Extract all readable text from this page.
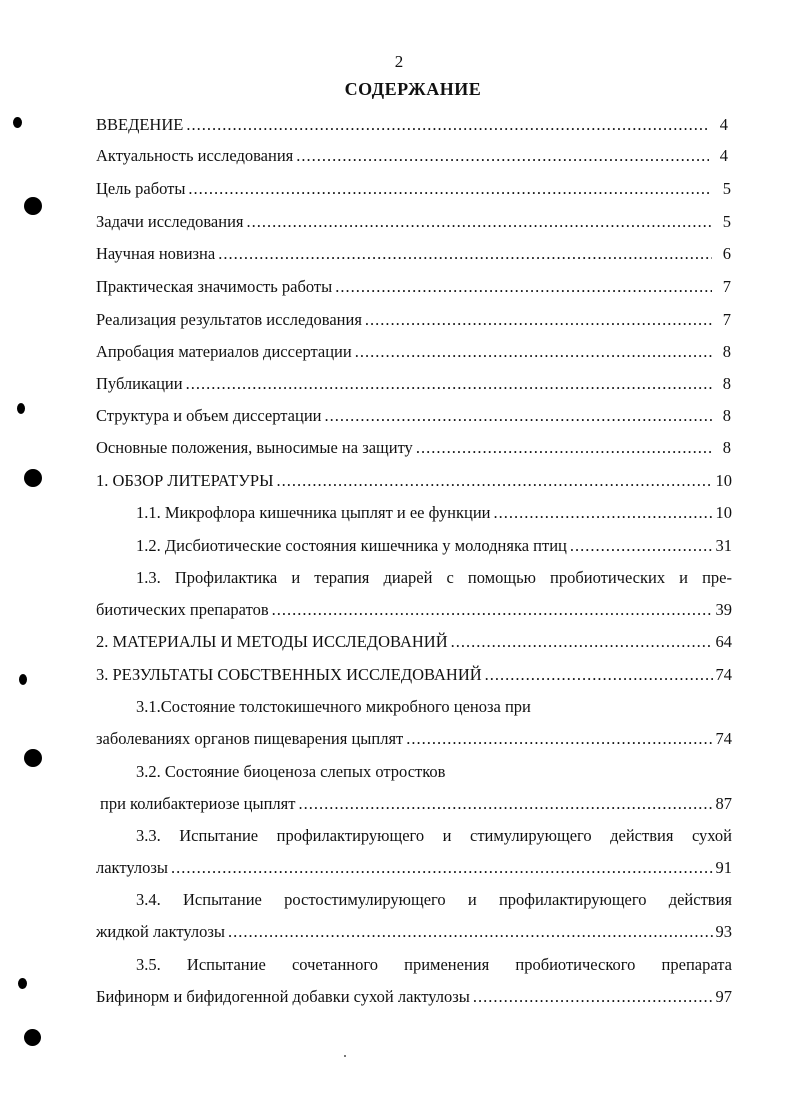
2
СОДЕРЖАНИЕ
ВВЕДЕНИЕ .....	4
Актуальность исследования .....	4
Цель работы .....	5
Задачи исследования .....	5
Научная новизна .....	6
Практическая значимость работы .....	7
Реализация результатов исследования .....	7
Апробация материалов диссертации .....	8
Публикации .....	8
Структура и объем диссертации .....	8
Основные положения, выносимые на защиту .....	8
1. ОБЗОР ЛИТЕРАТУРЫ .....	10
1.1. Микрофлора кишечника цыплят и ее функции .....	10
1.2. Дисбиотические состояния кишечника у молодняка птиц .....	31
1.3. Профилактика и терапия диарей с помощью пробиотических и пре-
биотических препаратов .....	39
2. МАТЕРИАЛЫ И МЕТОДЫ ИССЛЕДОВАНИЙ .....	64
3. РЕЗУЛЬТАТЫ СОБСТВЕННЫХ ИССЛЕДОВАНИЙ .....	74
3.1.Состояние толстокишечного микробного ценоза при
заболеваниях органов пищеварения цыплят .....	74
3.2. Состояние биоценоза слепых отростков
при колибактериозе цыплят .....	87
3.3. Испытание профилактирующего и стимулирующего действия сухой
лактулозы .....	91
3.4. Испытание ростостимулирующего и профилактирующего действия
жидкой лактулозы .....	93
3.5. Испытание сочетанного применения пробиотического препарата
Бифинорм и бифидогенной добавки сухой лактулозы .....	97
